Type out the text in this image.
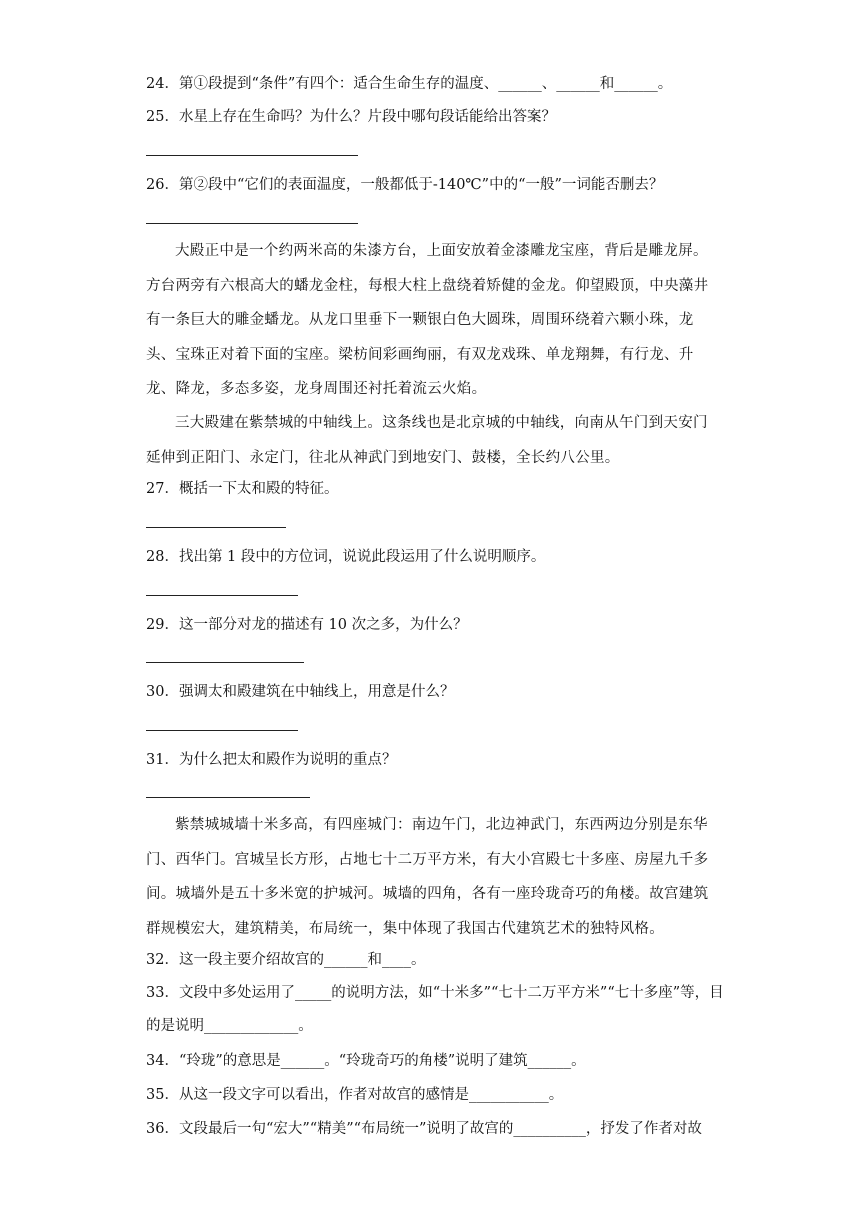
24．第①段提到“条件”有四个：适合生命生存的温度、______、______和______。
25．水星上存在生命吗？为什么？片段中哪句段话能给出答案？
26．第②段中“它们的表面温度，一般都低于-140℃”中的“一般”一词能否删去？
大殿正中是一个约两米高的朱漆方台，上面安放着金漆雕龙宝座，背后是雕龙屏。方台两旁有六根高大的蟠龙金柱，每根大柱上盘绕着矫健的金龙。仰望殿顶，中央藻井有一条巨大的雕金蟠龙。从龙口里垂下一颗银白色大圆珠，周围环绕着六颗小珠，龙头、宝珠正对着下面的宝座。梁枋间彩画绚丽，有双龙戏珠、单龙翔舞，有行龙、升龙、降龙，多态多姿，龙身周围还衬托着流云火焰。
三大殿建在紫禁城的中轴线上。这条线也是北京城的中轴线，向南从午门到天安门延伸到正阳门、永定门，往北从神武门到地安门、鼓楼，全长约八公里。
27．概括一下太和殿的特征。
28．找出第 1 段中的方位词，说说此段运用了什么说明顺序。
29．这一部分对龙的描述有 10 次之多，为什么？
30．强调太和殿建筑在中轴线上，用意是什么？
31．为什么把太和殿作为说明的重点？
紫禁城城墙十米多高，有四座城门：南边午门，北边神武门，东西两边分别是东华门、西华门。宫城呈长方形，占地七十二万平方米，有大小宫殿七十多座、房屋九千多间。城墙外是五十多米宽的护城河。城墙的四角，各有一座玲珑奇巧的角楼。故宫建筑群规模宏大，建筑精美，布局统一，集中体现了我国古代建筑艺术的独特风格。
32．这一段主要介绍故宫的______和____。
33．文段中多处运用了_____的说明方法，如“十米多”“七十二万平方米”“七十多座”等，目的是说明_____________。
34．“玲珑”的意思是______。“玲珑奇巧的角楼”说明了建筑______。
35．从这一段文字可以看出，作者对故宫的感情是___________。
36．文段最后一句“宏大”“精美”“布局统一”说明了故宫的__________，抒发了作者对故
